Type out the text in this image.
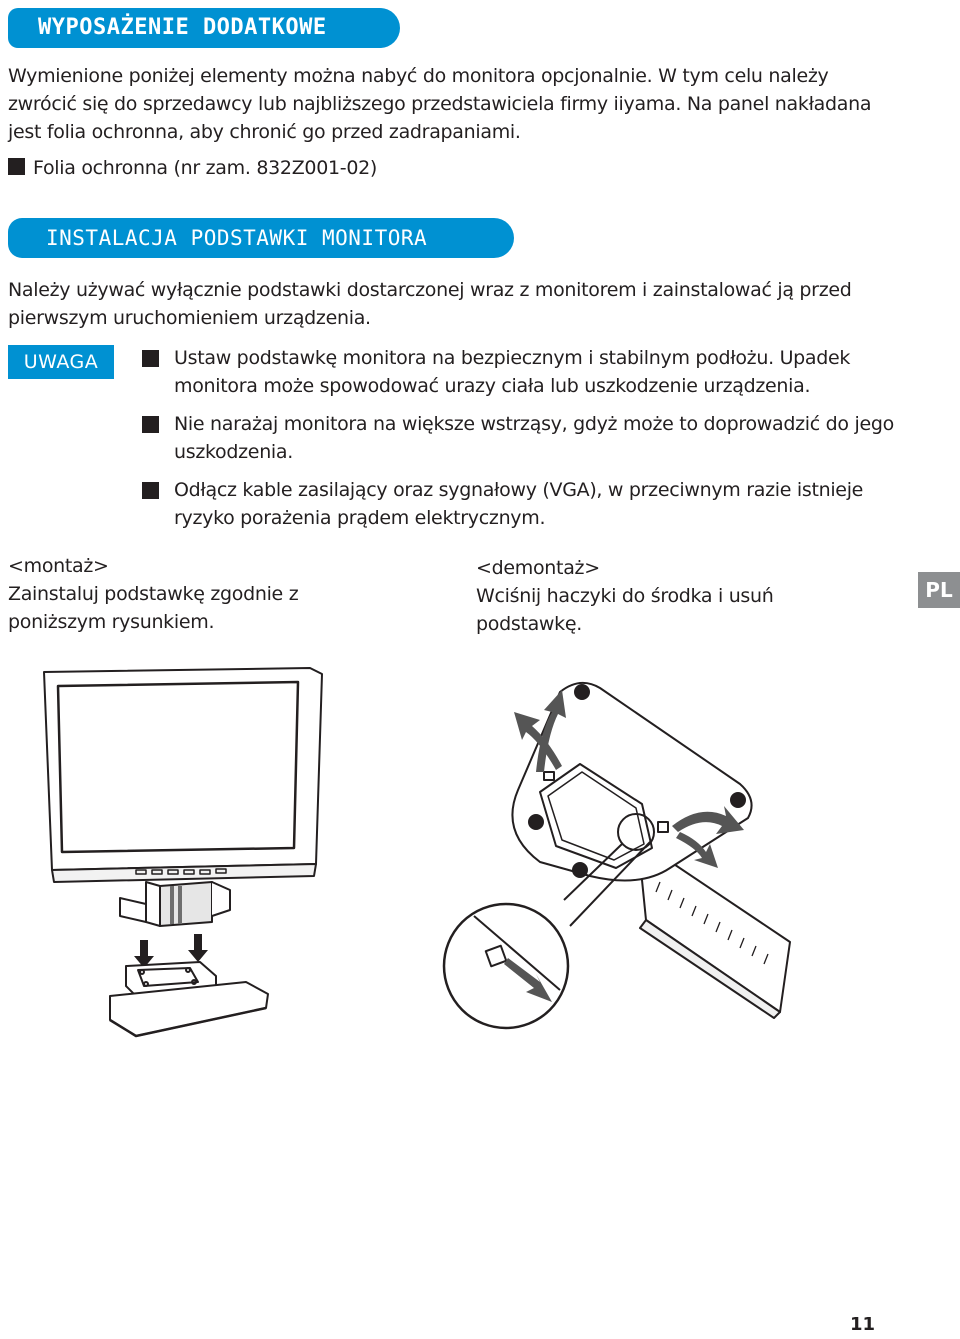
WYPOSAŻENIE DODATKOWE
Wymienione poniżej elementy można nabyć do monitora opcjonalnie. W tym celu należy zwrócić się do sprzedawcy lub najbliższego przedstawiciela firmy iiyama. Na panel nakładana jest folia ochronna, aby chronić go przed zadrapaniami.
Folia ochronna (nr zam. 832Z001-02)
INSTALACJA PODSTAWKI MONITORA
Należy używać wyłącznie podstawki dostarczonej wraz z monitorem i zainstalować ją przed pierwszym uruchomieniem urządzenia.
UWAGA	Ustaw podstawkę monitora na bezpiecznym i stabilnym podłożu. Upadek monitora może spowodować urazy ciała lub uszkodzenie urządzenia.
Nie narażaj monitora na większe wstrząsy, gdyż może to doprowadzić do jego uszkodzenia.
Odłącz kable zasilający oraz sygnałowy (VGA), w przeciwnym razie istnieje ryzyko porażenia prądem elektrycznym.
<montaż>
Zainstaluj podstawkę zgodnie z poniższym rysunkiem.
<demontaż>
Wciśnij haczyki do środka i usuń podstawkę.
PL
11
